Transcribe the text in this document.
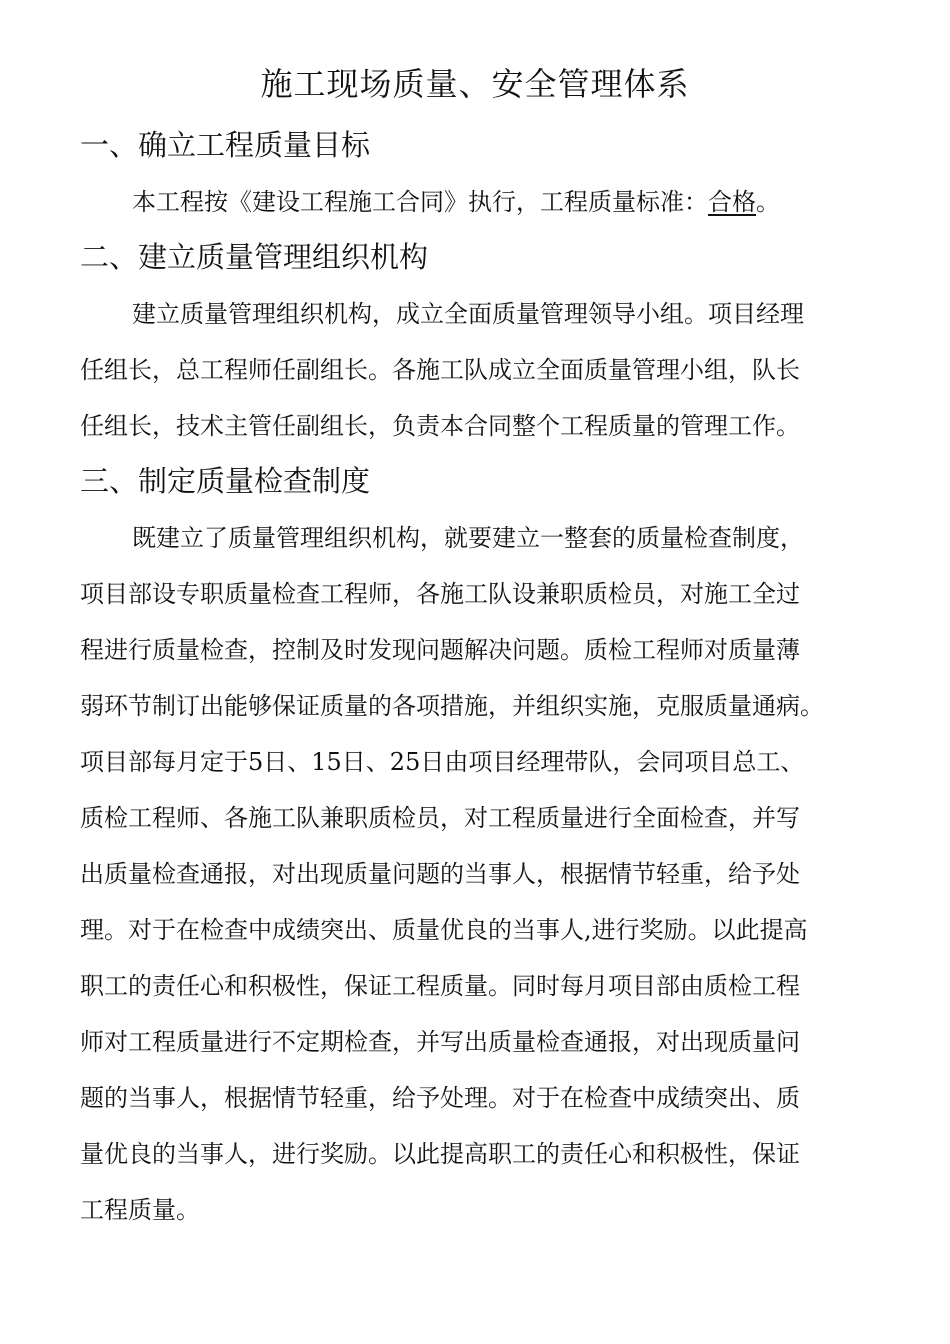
施工现场质量、安全管理体系
一、确立工程质量目标
本工程按《建设工程施工合同》执行，工程质量标准：合格。
二、建立质量管理组织机构
建立质量管理组织机构，成立全面质量管理领导小组。项目经理
任组长，总工程师任副组长。各施工队成立全面质量管理小组，队长
任组长，技术主管任副组长，负责本合同整个工程质量的管理工作。
三、制定质量检查制度
既建立了质量管理组织机构，就要建立一整套的质量检查制度，
项目部设专职质量检查工程师，各施工队设兼职质检员，对施工全过
程进行质量检查，控制及时发现问题解决问题。质检工程师对质量薄
弱环节制订出能够保证质量的各项措施，并组织实施，克服质量通病。
项目部每月定于5日、15日、25日由项目经理带队，会同项目总工、
质检工程师、各施工队兼职质检员，对工程质量进行全面检查，并写
出质量检查通报，对出现质量问题的当事人，根据情节轻重，给予处
理。对于在检查中成绩突出、质量优良的当事人,进行奖励。以此提高
职工的责任心和积极性，保证工程质量。同时每月项目部由质检工程
师对工程质量进行不定期检查，并写出质量检查通报，对出现质量问
题的当事人，根据情节轻重，给予处理。对于在检查中成绩突出、质
量优良的当事人，进行奖励。以此提高职工的责任心和积极性，保证
工程质量。
